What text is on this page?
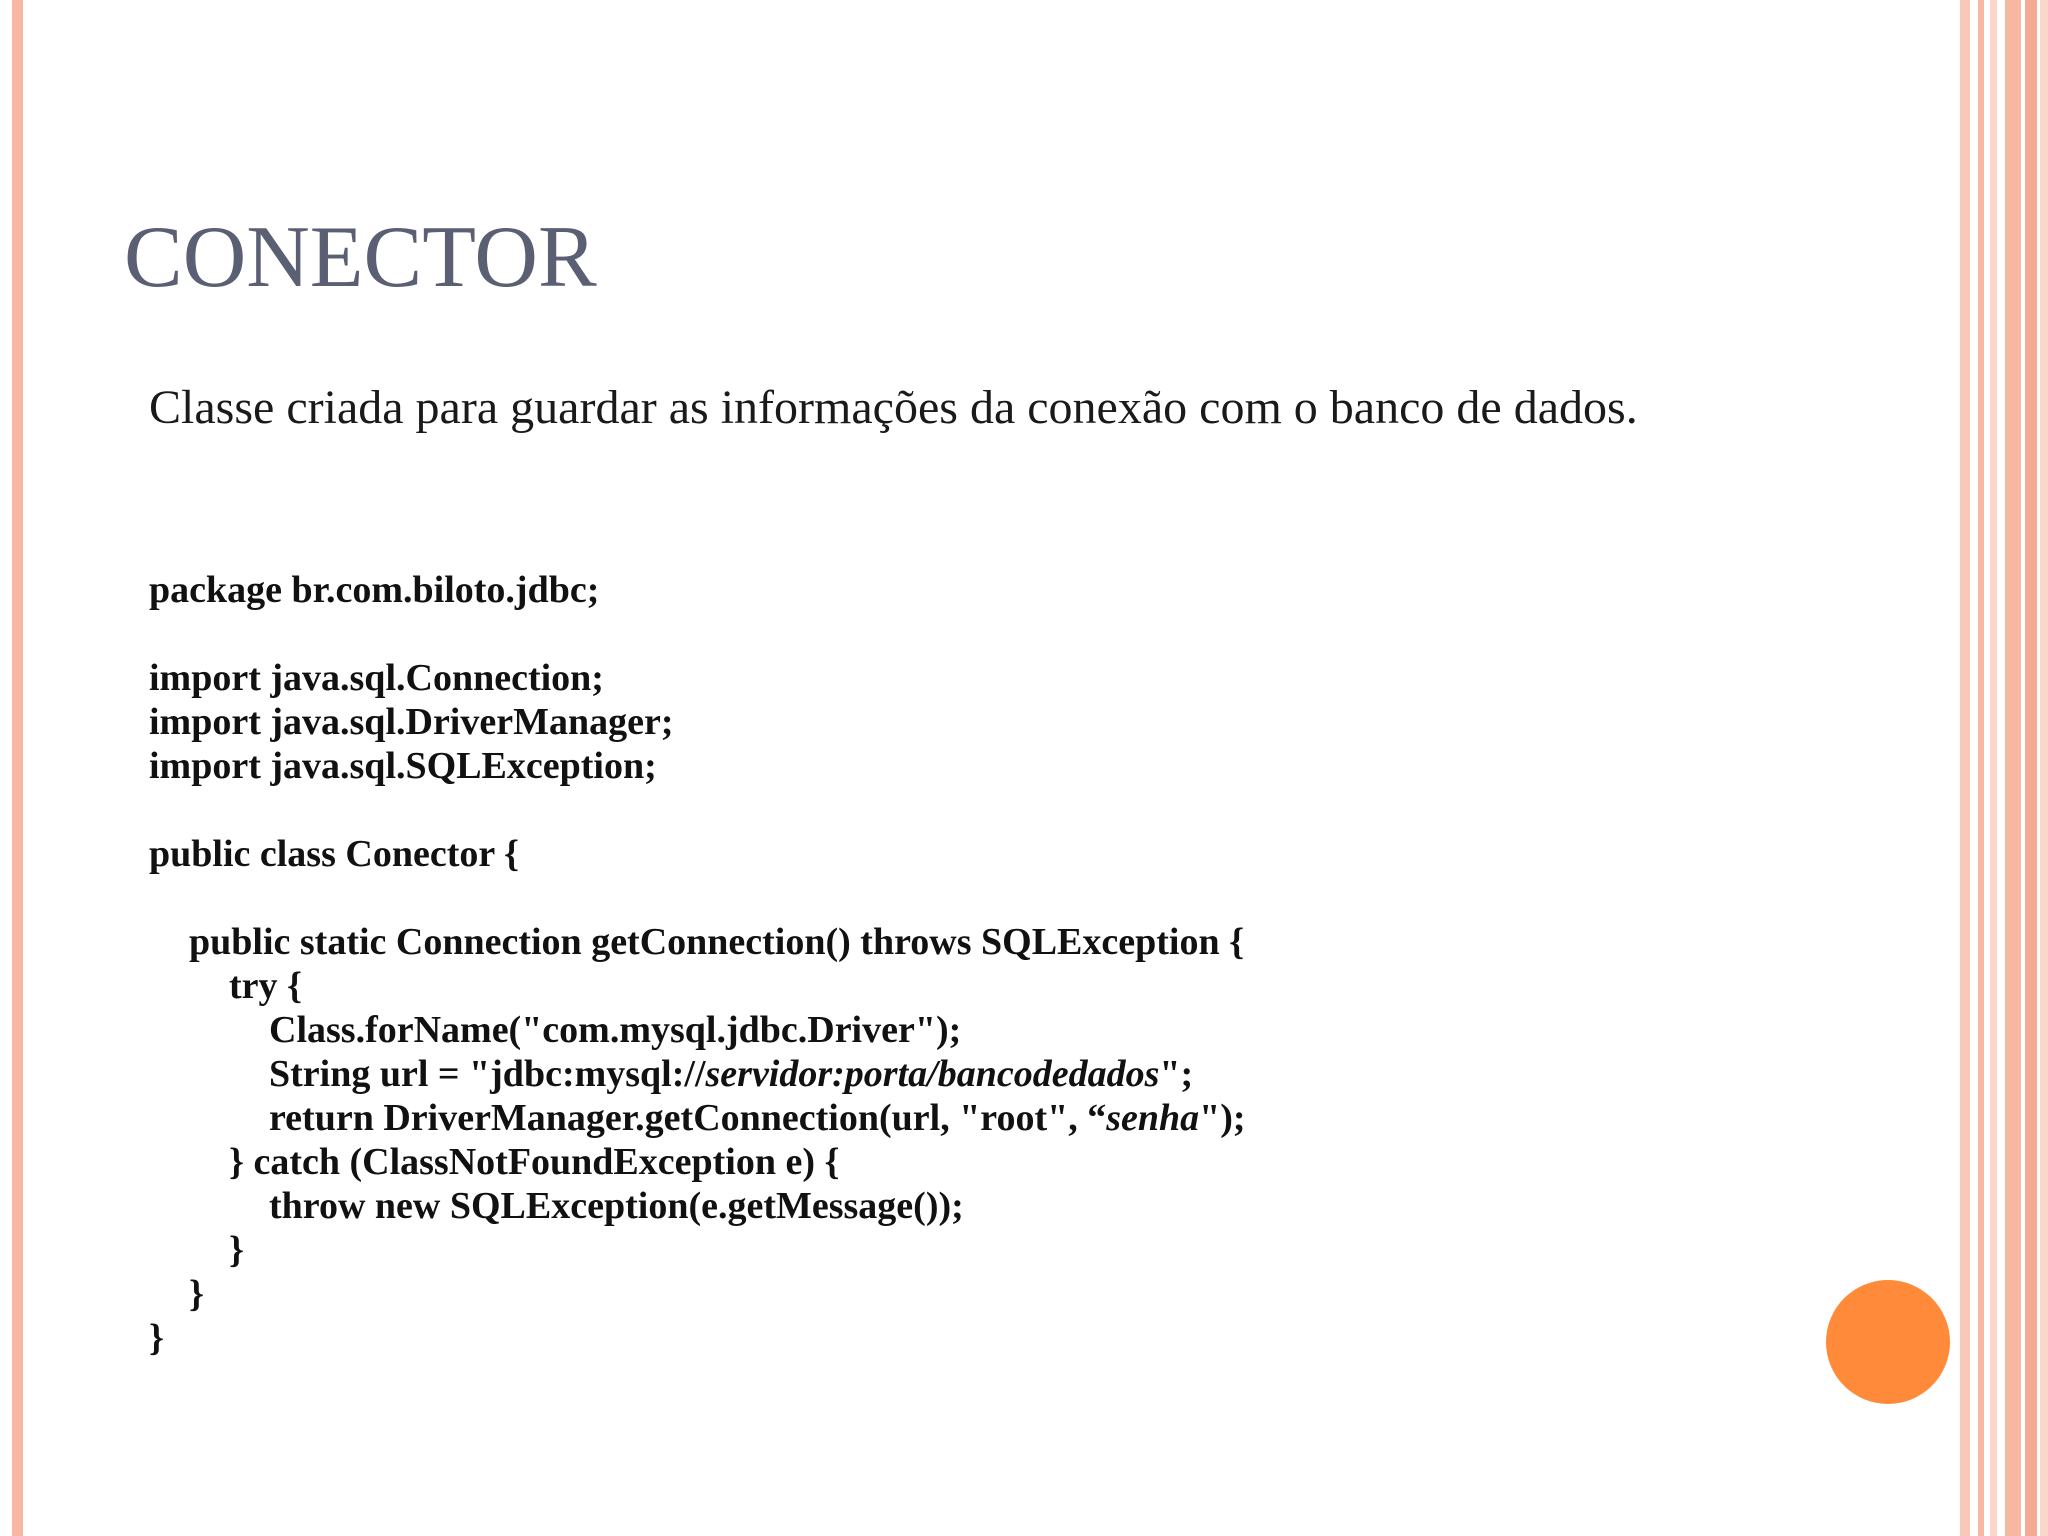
CONECTOR
Classe criada para guardar as informações da conexão com o banco de dados.
package br.com.biloto.jdbc;
import java.sql.Connection;
import java.sql.DriverManager;
import java.sql.SQLException;
public class Conector {
public static Connection getConnection() throws SQLException {
try {
Class.forName("com.mysql.jdbc.Driver");
String url = "jdbc:mysql://servidor:porta/bancodedados";
return DriverManager.getConnection(url, "root", “senha");
} catch (ClassNotFoundException e) {
throw new SQLException(e.getMessage());
}
}
}
